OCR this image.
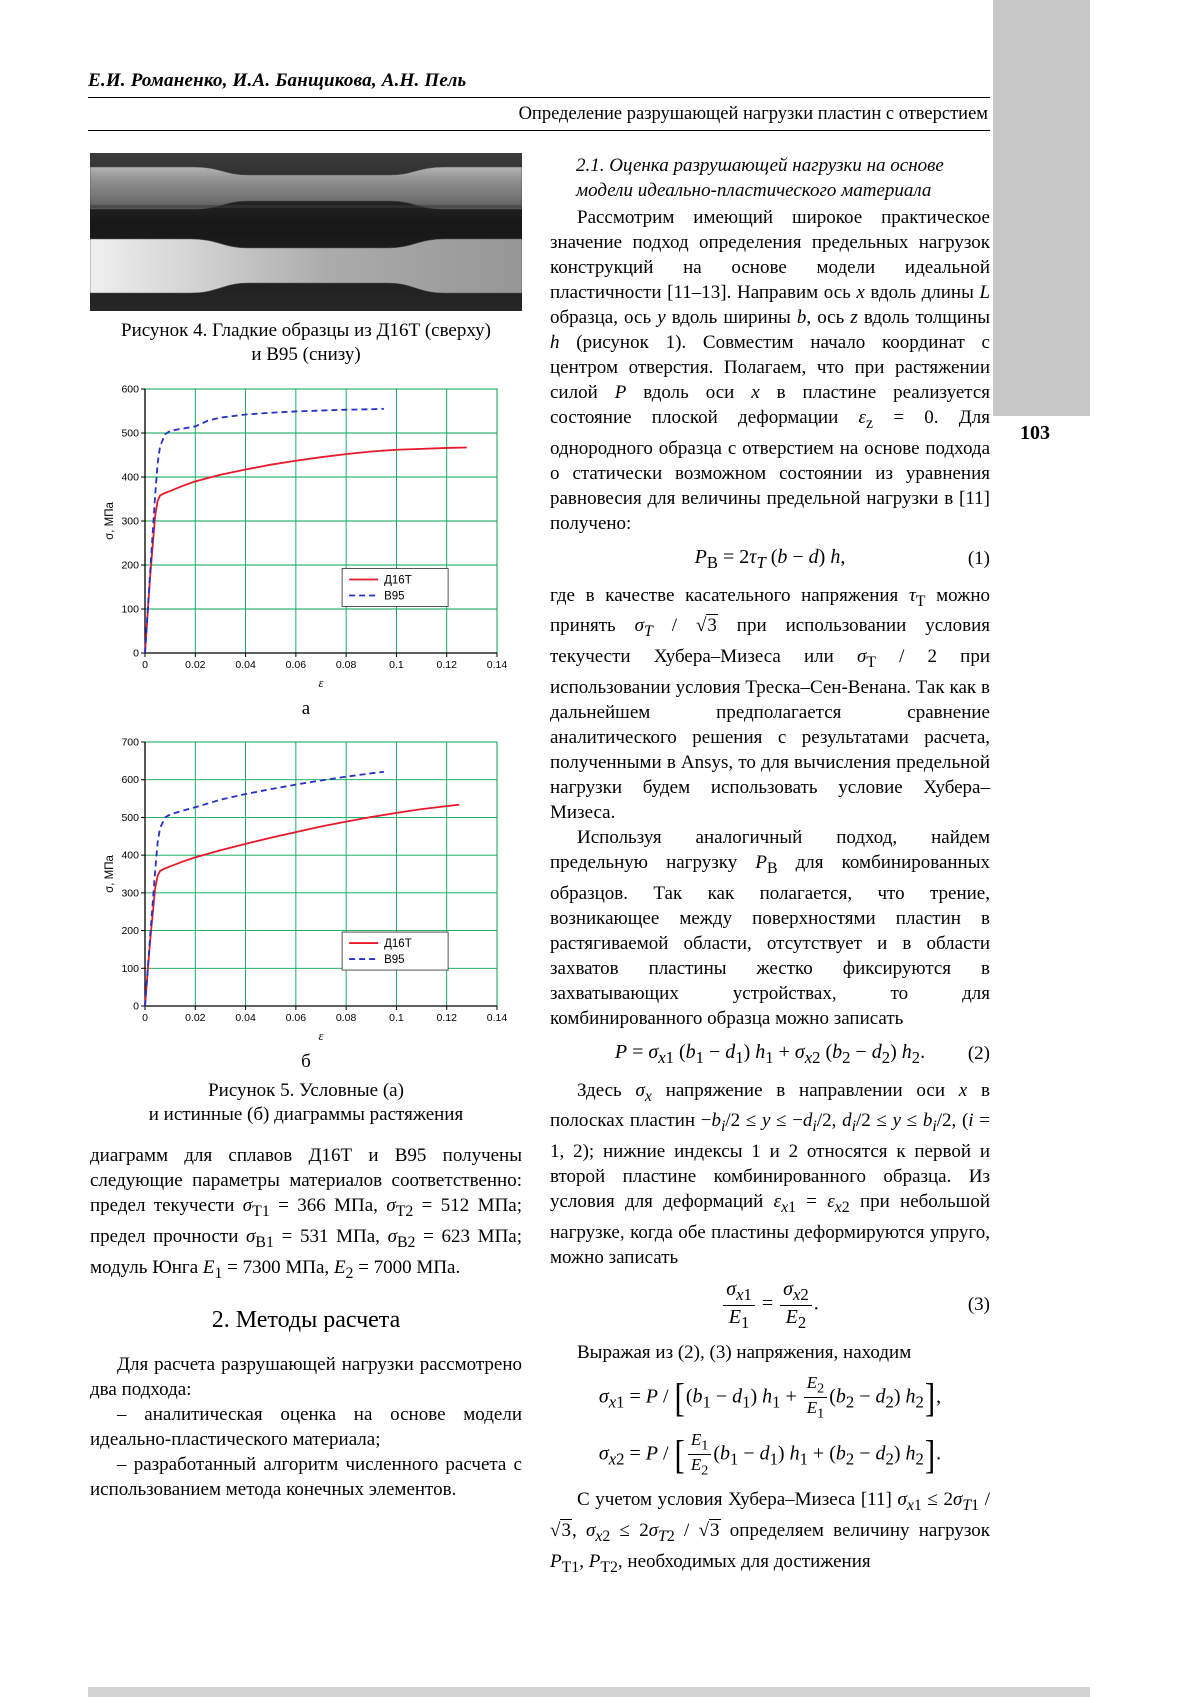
Е.И. Романенко, И.А. Банщикова, А.Н. Пель
Определение разрушающей нагрузки пластин с отверстием
103
Рисунок 4. Гладкие образцы из Д16Т (сверху)
и В95 (снизу)
0	0.02	0.04	0.06	0.08	0.1	0.12	0.14
0
100
200
300
400
500
600
σ, МПа
ε
Д16Т
В95
а
0	0.02	0.04	0.06	0.08	0.1	0.12	0.14
0
100
200
300
400
500
600
700
σ, МПа
ε
Д16Т
В95
б
Рисунок 5. Условные (а)
и истинные (б) диаграммы растяжения

диаграмм для сплавов Д16Т и В95 получены следующие параметры материалов соответственно: предел текучести $\sigma_{Т1} = 366$ МПа, $\sigma_{Т2} = 512$ МПа; предел прочности $\sigma_{В1} = 531$ МПа, $\sigma_{В2} = 623$ МПа; модуль Юнга $E_1 = 7300$ МПа, $E_2 = 7000$ МПа.

2. Методы расчета

Для расчета разрушающей нагрузки рассмотрено два подхода:

– аналитическая оценка на основе модели идеально-пластического материала;

– разработанный алгоритм численного расчета с использованием метода конечных элементов.

2.1. Оценка разрушающей нагрузки на основе модели идеально-пластического материала

Рассмотрим имеющий широкое практическое значение подход определения предельных нагрузок конструкций на основе модели идеальной пластичности [11–13]. Направим ось x вдоль длины L образца, ось y вдоль ширины b, ось z вдоль толщины h (рисунок 1). Совместим начало координат с центром отверстия. Полагаем, что при растяжении силой P вдоль оси x в пластине реализуется состояние плоской деформации $\varepsilon_z = 0$. Для однородного образца с отверстием на основе подхода о статически возможном состоянии из уравнения равновесия для величины предельной нагрузки в [11] получено:

$P_В = 2\tau_Т$ (b − d) h,	(1)

где в качестве касательного напряжения $\tau_Т$ можно принять $\sigma_Т / √3$ при использовании условия текучести Хубера–Мизеса или $\sigma_Т / 2$ при использовании условия Треска–Сен-Венана. Так как в дальнейшем предполагается сравнение аналитического решения с результатами расчета, полученными в Ansys, то для вычисления предельной нагрузки будем использовать условие Хубера–Мизеса.

Используя аналогичный подход, найдем предельную нагрузку $P_В$ для комбинированных образцов. Так как полагается, что трение, возникающее между поверхностями пластин в растягиваемой области, отсутствует и в области захватов пластины жестко фиксируются в захватывающих устройствах, то для комбинированного образца можно записать

$P = \sigma_{x1}$ $(b_1 - d_1) h_1 + \sigma_{x2}$ $(b_2 - d_2)$ $h_2$.	(2)

Здесь $\sigma_x$ напряжение в направлении оси x в полосках пластин $-b_i/2 \le y \le -d_i/2$, $d_i/2 \le y \le b_i/2$, (i = 1, 2); нижние индексы 1 и 2 относятся к первой и второй пластине комбинированного образца. Из условия для деформаций $\varepsilon_{x1} = \varepsilon_{x2}$ при небольшой нагрузке, когда обе пластины деформируются упруго, можно записать

$\frac{\sigma_{x1}}{E_1} = \frac{\sigma_{x2}}{E_2}$ .	(3)

Выражая из (2), (3) напряжения, находим

$\sigma_{x1} = P / [(b_1 - d_1) h_1 + \frac{E_2}{E_1} (b_2 - d_2)$ $h_2$],
$\sigma_{x2} = P$ / [ $\frac{E_1}{E_2} (b_1 - d_1) h_1 + (b_2 - d_2)$ $h_2$].

С учетом условия Хубера–Мизеса [11] $\sigma_{x1} \le 2\sigma_{Т1} / √3$, $\sigma_{x2} \le 2\sigma_{Т2} / √3$ определяем величину нагрузок $P_{Т1}$, $P_{Т2}$, необходимых для достижения
